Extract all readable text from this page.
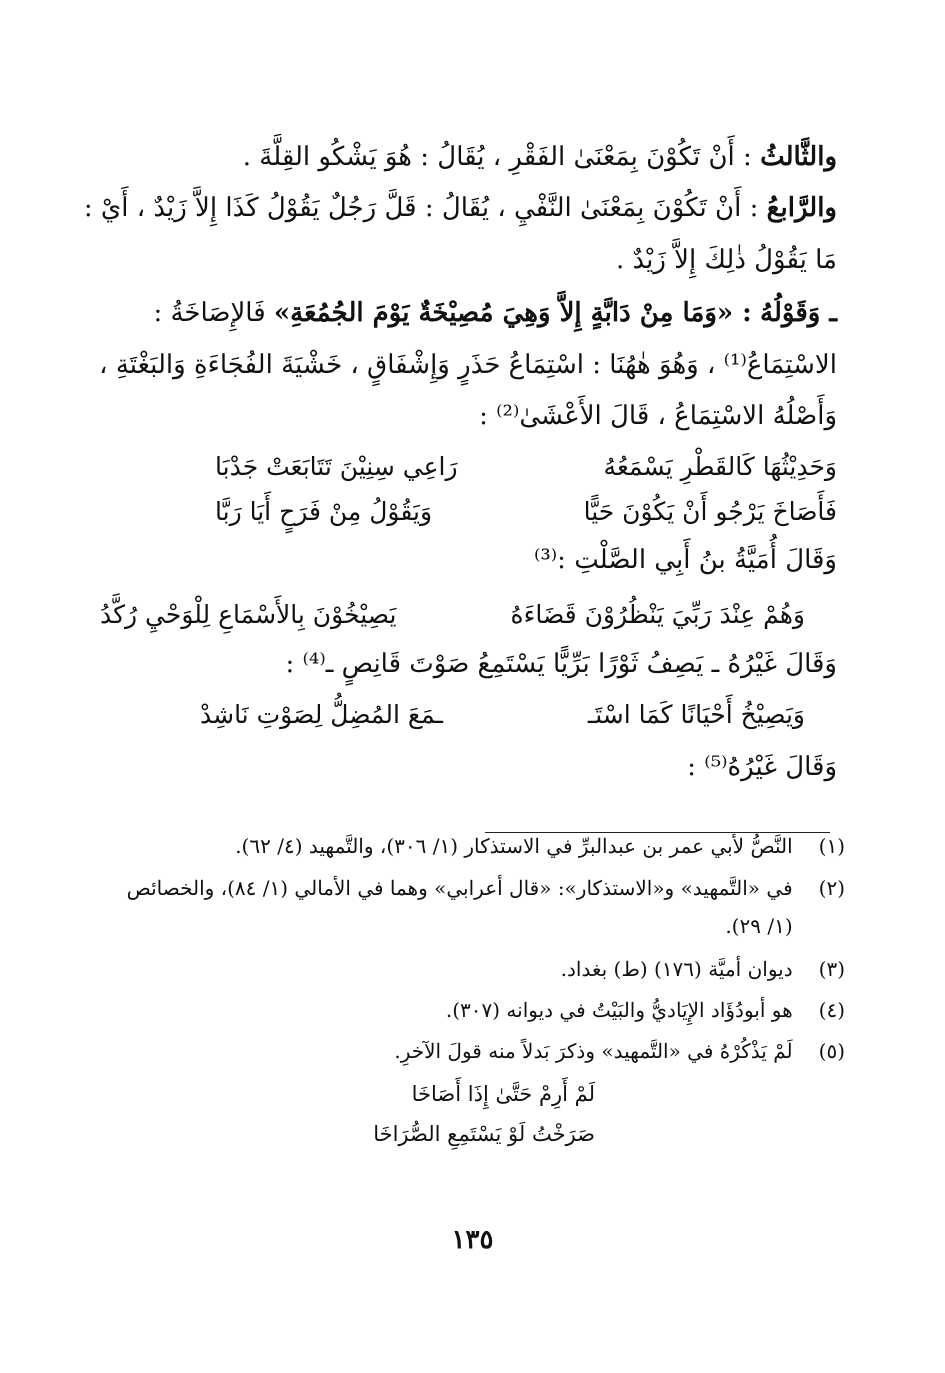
والثَّالثُ : أَنْ تَكُوْنَ بِمَعْنَىٰ الفَقْرِ ، يُقَالُ : هُوَ يَشْكُو القِلَّةَ .
والرَّابعُ : أَنْ تَكُوْنَ بِمَعْنَىٰ النَّفْيِ ، يُقَالُ : قَلَّ رَجُلٌ يَقُوْلُ كَذَا إِلاَّ زَيْدٌ ، أَيْ :
مَا يَقُوْلُ ذٰلِكَ إِلاَّ زَيْدٌ .
ـ وَقَوْلُهُ : «وَمَا مِنْ دَابَّةٍ إِلاَّ وَهِيَ مُصِيْخَةٌ يَوْمَ الجُمُعَةِ» فَالإِصَاخَةُ :
الاسْتِمَاعُ⁽¹⁾ ، وَهُوَ هٰهُنَا : اسْتِمَاعُ حَذَرٍ وَإِشْفَاقٍ ، خَشْيَةَ الفُجَاءَةِ وَالبَغْتَةِ ،
وَأَصْلُهُ الاسْتِمَاعُ ، قَالَ الأَعْشَىٰ⁽²⁾ :
وَحَدِيْثُهَا كَالقَطْرِ يَسْمَعُهُ
رَاعِي سِنِيْنَ تَتَابَعَتْ جَدْبَا
فَأَصَاخَ يَرْجُو أَنْ يَكُوْنَ حَيًّا
وَيَقُوْلُ مِنْ فَرَحٍ أَيَا رَبَّا
وَقَالَ أُمَيَّةُ بنُ أَبِي الصَّلْتِ :⁽³⁾
وَهُمْ عِنْدَ رَبِّيَ يَنْظُرُوْنَ قَضَاءَهُ
يَصِيْخُوْنَ بِالأَسْمَاعِ لِلْوَحْيِ رُكَّدُ
وَقَالَ غَيْرُهُ ـ يَصِفُ ثَوْرًا بَرِّيًّا يَسْتَمِعُ صَوْتَ قَانِصٍ ـ⁽⁴⁾ :
وَيَصِيْخُ أَحْيَانًا كَمَا اسْتَـ
ـمَعَ المُضِلُّ لِصَوْتِ نَاشِدْ
وَقَالَ غَيْرُهُ⁽⁵⁾ :
(١) النَّصُّ لأبي عمر بن عبدالبرِّ في الاستذكار (١/ ٣٠٦)، والتَّمهيد (٤/ ٦٢).
(٢) في «التَّمهيد» و«الاستذكار»: «قال أعرابي» وهما في الأمالي (١/ ٨٤)، والخصائص
(١/ ٢٩).
(٣) ديوان أميَّة (١٧٦) (ط) بغداد.
(٤) هو أبودُؤَاد الإِيَاديُّ والبَيْتُ في ديوانه (٣٠٧).
(٥) لَمْ يَذْكُرْهُ في «التَّمهيد» وذكرَ بَدلاً منه قولَ الآخرِ.
لَمْ أَرِمْ حَتَّىٰ إِذَا أَصَاخَا
صَرَخْتُ لَوْ يَسْتَمِعِ الصُّرَاخَا
١٣٥
